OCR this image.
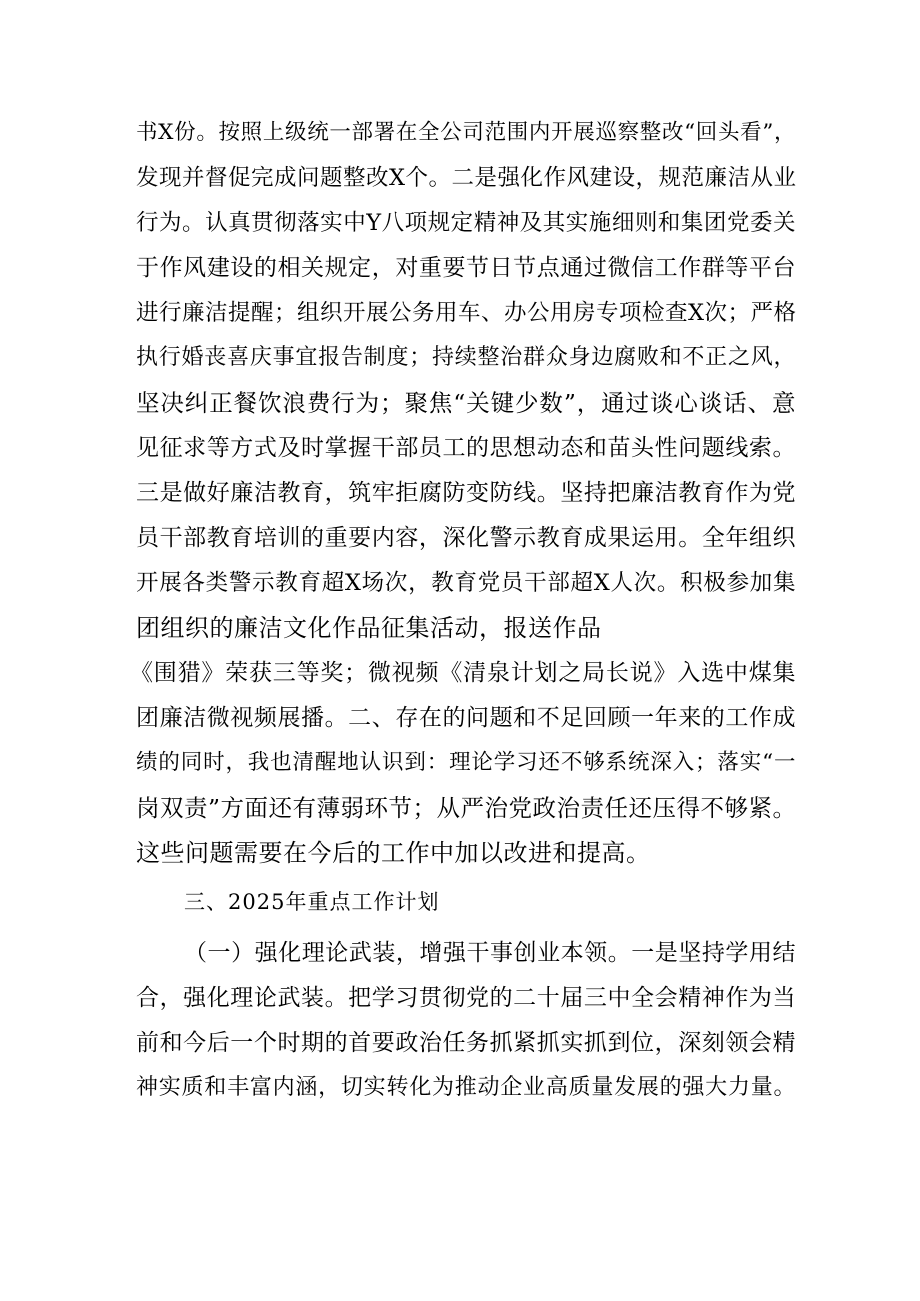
书X份。按照上级统一部署在全公司范围内开展巡察整改“回头看”，
发现并督促完成问题整改X个。二是强化作风建设，规范廉洁从业
行为。认真贯彻落实中Y八项规定精神及其实施细则和集团党委关
于作风建设的相关规定，对重要节日节点通过微信工作群等平台
进行廉洁提醒；组织开展公务用车、办公用房专项检查X次；严格
执行婚丧喜庆事宜报告制度；持续整治群众身边腐败和不正之风，
坚决纠正餐饮浪费行为；聚焦“关键少数”，通过谈心谈话、意
见征求等方式及时掌握干部员工的思想动态和苗头性问题线索。
三是做好廉洁教育，筑牢拒腐防变防线。坚持把廉洁教育作为党
员干部教育培训的重要内容，深化警示教育成果运用。全年组织
开展各类警示教育超X场次，教育党员干部超X人次。积极参加集
团组织的廉洁文化作品征集活动，报送作品
《围猎》荣获三等奖；微视频《清泉计划之局长说》入选中煤集
团廉洁微视频展播。二、存在的问题和不足回顾一年来的工作成
绩的同时，我也清醒地认识到：理论学习还不够系统深入；落实“一
岗双责”方面还有薄弱环节；从严治党政治责任还压得不够紧。
这些问题需要在今后的工作中加以改进和提高。
三、2025年重点工作计划
（一）强化理论武装，增强干事创业本领。一是坚持学用结
合，强化理论武装。把学习贯彻党的二十届三中全会精神作为当
前和今后一个时期的首要政治任务抓紧抓实抓到位，深刻领会精
神实质和丰富内涵，切实转化为推动企业高质量发展的强大力量。
